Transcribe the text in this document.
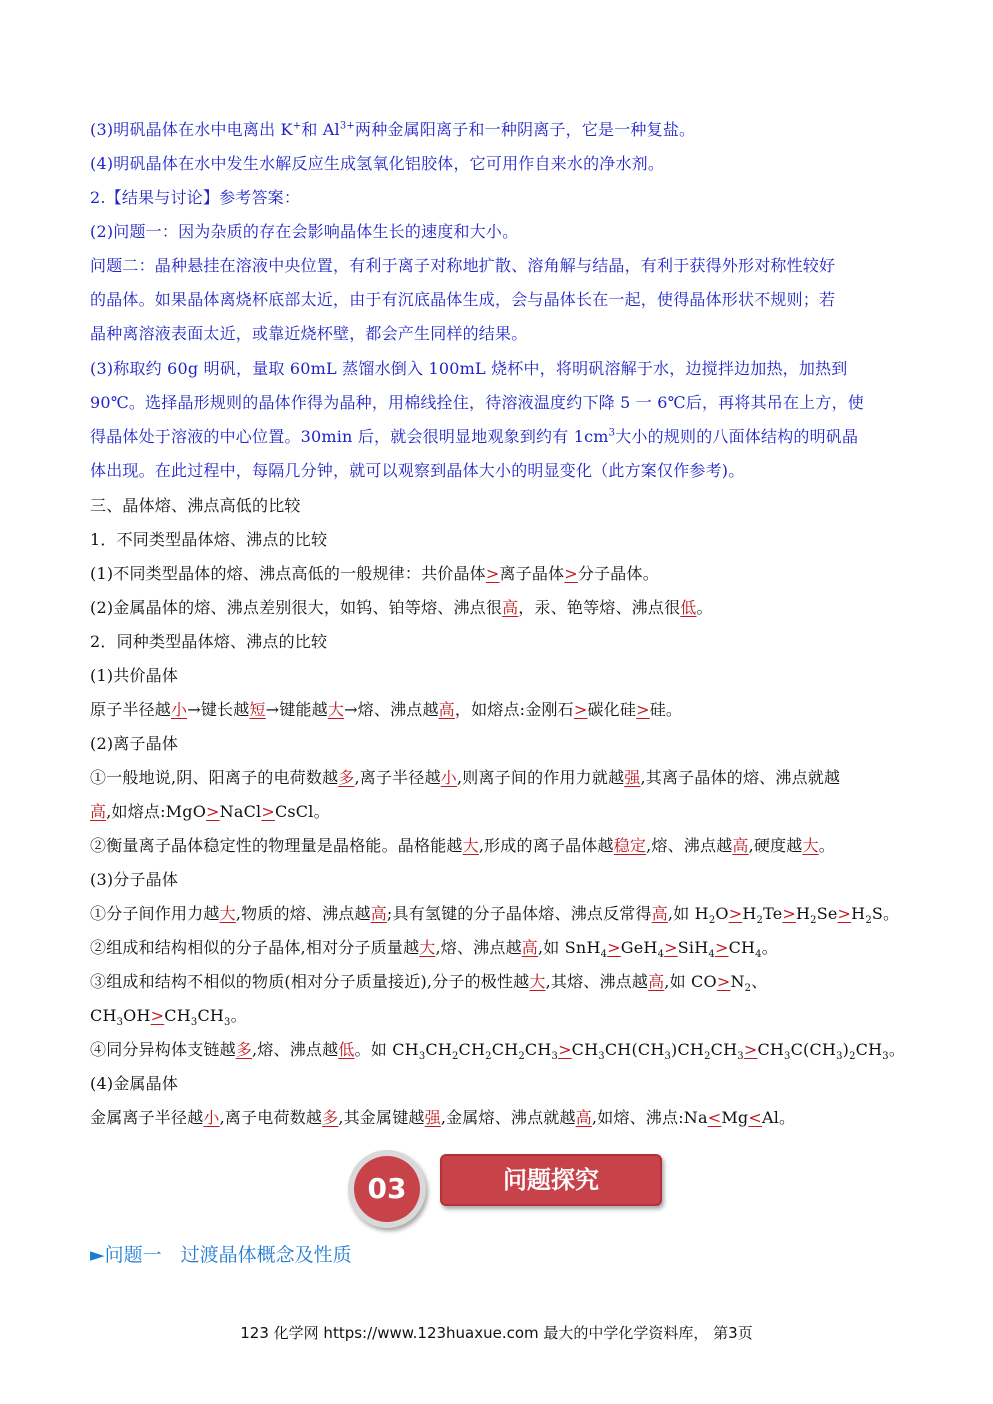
(3)明矾晶体在水中电离出 K+和 $Al^{3+}$两种金属阳离子和一种阴离子，它是一种复盐。
(4)明矾晶体在水中发生水解反应生成氢氧化铝胶体，它可用作自来水的净水剂。
2.【结果与讨论】参考答案：
(2)问题一：因为杂质的存在会影响晶体生长的速度和大小。
问题二：晶种悬挂在溶液中央位置，有利于离子对称地扩散、溶角解与结晶，有利于获得外形对称性较好
的晶体。如果晶体离烧杯底部太近，由于有沉底晶体生成，会与晶体长在一起，使得晶体形状不规则；若
晶种离溶液表面太近，或靠近烧杯壁，都会产生同样的结果。
(3)称取约 60g 明矾，量取 60mL 蒸馏水倒入 100mL 烧杯中，将明矾溶解于水，边搅拌边加热，加热到
90℃。选择晶形规则的晶体作得为晶种，用棉线拴住，待溶液温度约下降 5 一 6℃后，再将其吊在上方，使
得晶体处于溶液的中心位置。30min 后，就会很明显地观象到约有 $1cm^3$大小的规则的八面体结构的明矾晶
体出现。在此过程中，每隔几分钟，就可以观察到晶体大小的明显变化（此方案仅作参考)。
三、晶体熔、沸点高低的比较
1．不同类型晶体熔、沸点的比较
(1)不同类型晶体的熔、沸点高低的一般规律：共价晶体>离子晶体>分子晶体。
(2)金属晶体的熔、沸点差别很大，如钨、铂等熔、沸点很高，汞、铯等熔、沸点很低。
2．同种类型晶体熔、沸点的比较
(1)共价晶体
原子半径越小→键长越短→键能越大→熔、沸点越高，如熔点:金刚石>碳化硅>硅。
(2)离子晶体
①一般地说,阴、阳离子的电荷数越多,离子半径越小,则离子间的作用力就越强,其离子晶体的熔、沸点就越
高,如熔点:MgO>NaCl>CsCl。
②衡量离子晶体稳定性的物理量是晶格能。晶格能越大,形成的离子晶体越稳定,熔、沸点越高,硬度越大。
(3)分子晶体
①分子间作用力越大,物质的熔、沸点越高;具有氢键的分子晶体熔、沸点反常得高,如 $H_2O>H_2Te>H_2Se>H_2S$。
②组成和结构相似的分子晶体,相对分子质量越大,熔、沸点越高,如 $SnH_4>GeH_4>SiH_4>CH_4$。
③组成和结构不相似的物质(相对分子质量接近),分子的极性越大,其熔、沸点越高,如 $CO>N_2$、
$CH_3OH>CH_3CH_3$。
④同分异构体支链越多,熔、沸点越低。如 $CH_3CH_2CH_2CH_2CH_3>CH_3CH(CH_3)CH_2CH_3>CH_3C(CH_3)_2CH_3$。
(4)金属晶体
金属离子半径越小,离子电荷数越多,其金属键越强,金属熔、沸点就越高,如熔、沸点:Na<Mg<Al。
03	问题探究
►问题一　过渡晶体概念及性质
123 化学网 https://www.123huaxue.com 最大的中学化学资料库， 第3页
